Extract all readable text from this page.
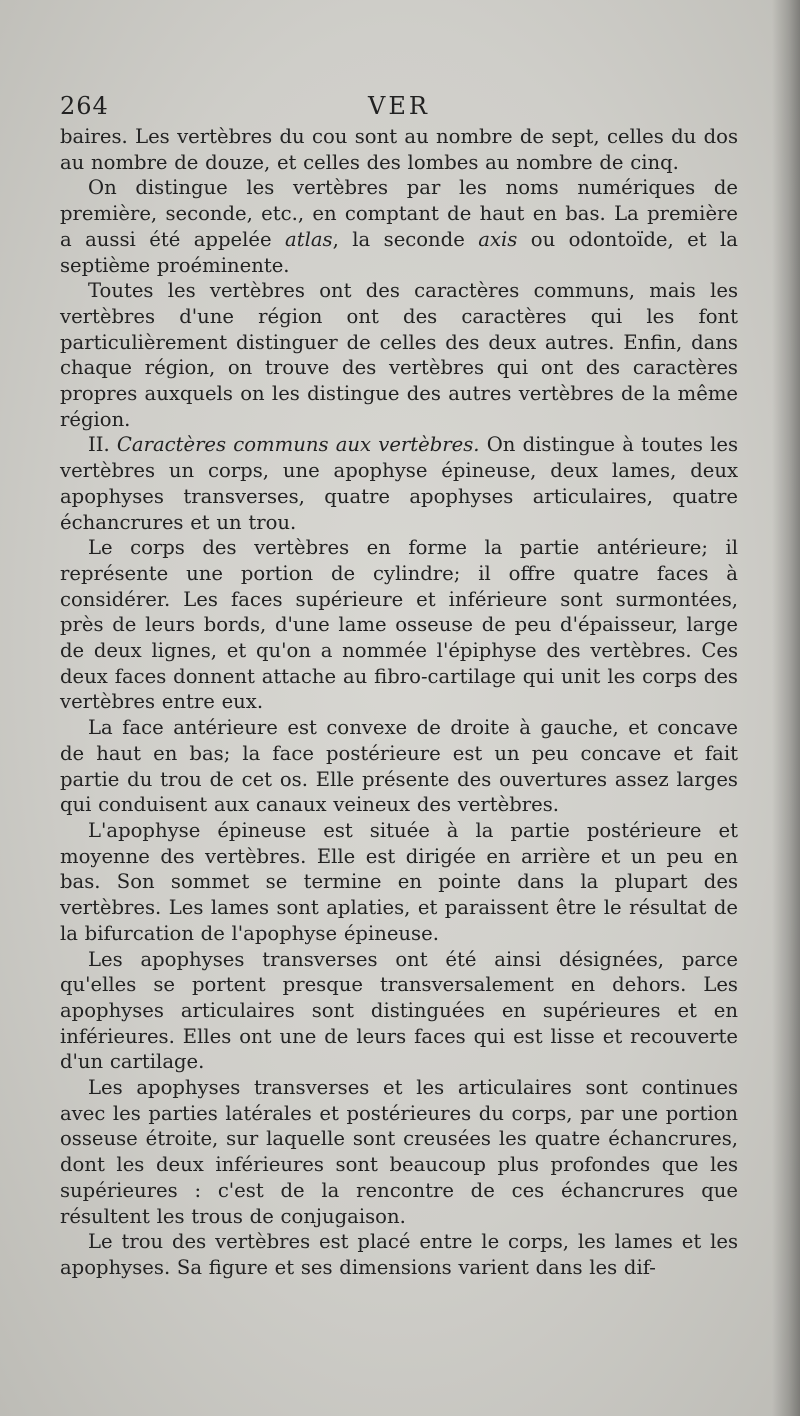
264	VER

baires. Les vertèbres du cou sont au nombre de sept, celles du dos au nombre de douze, et celles des lombes au nombre de cinq.

On distingue les vertèbres par les noms numériques de première, seconde, etc., en comptant de haut en bas. La première a aussi été appelée atlas, la seconde axis ou odontoïde, et la septième proéminente.

Toutes les vertèbres ont des caractères communs, mais les vertèbres d'une région ont des caractères qui les font particulièrement distinguer de celles des deux autres. Enfin, dans chaque région, on trouve des vertèbres qui ont des caractères propres auxquels on les distingue des autres vertèbres de la même région.

II. Caractères communs aux vertèbres. On distingue à toutes les vertèbres un corps, une apophyse épineuse, deux lames, deux apophyses transverses, quatre apophyses articulaires, quatre échancrures et un trou.

Le corps des vertèbres en forme la partie antérieure; il représente une portion de cylindre; il offre quatre faces à considérer. Les faces supérieure et inférieure sont surmontées, près de leurs bords, d'une lame osseuse de peu d'épaisseur, large de deux lignes, et qu'on a nommée l'épiphyse des vertèbres. Ces deux faces donnent attache au fibro-cartilage qui unit les corps des vertèbres entre eux.

La face antérieure est convexe de droite à gauche, et concave de haut en bas; la face postérieure est un peu concave et fait partie du trou de cet os. Elle présente des ouvertures assez larges qui conduisent aux canaux veineux des vertèbres.

L'apophyse épineuse est située à la partie postérieure et moyenne des vertèbres. Elle est dirigée en arrière et un peu en bas. Son sommet se termine en pointe dans la plupart des vertèbres. Les lames sont aplaties, et paraissent être le résultat de la bifurcation de l'apophyse épineuse.

Les apophyses transverses ont été ainsi désignées, parce qu'elles se portent presque transversalement en dehors. Les apophyses articulaires sont distinguées en supérieures et en inférieures. Elles ont une de leurs faces qui est lisse et recouverte d'un cartilage.

Les apophyses transverses et les articulaires sont continues avec les parties latérales et postérieures du corps, par une portion osseuse étroite, sur laquelle sont creusées les quatre échancrures, dont les deux inférieures sont beaucoup plus profondes que les supérieures : c'est de la rencontre de ces échancrures que résultent les trous de conjugaison.

Le trou des vertèbres est placé entre le corps, les lames et les apophyses. Sa figure et ses dimensions varient dans les dif-
